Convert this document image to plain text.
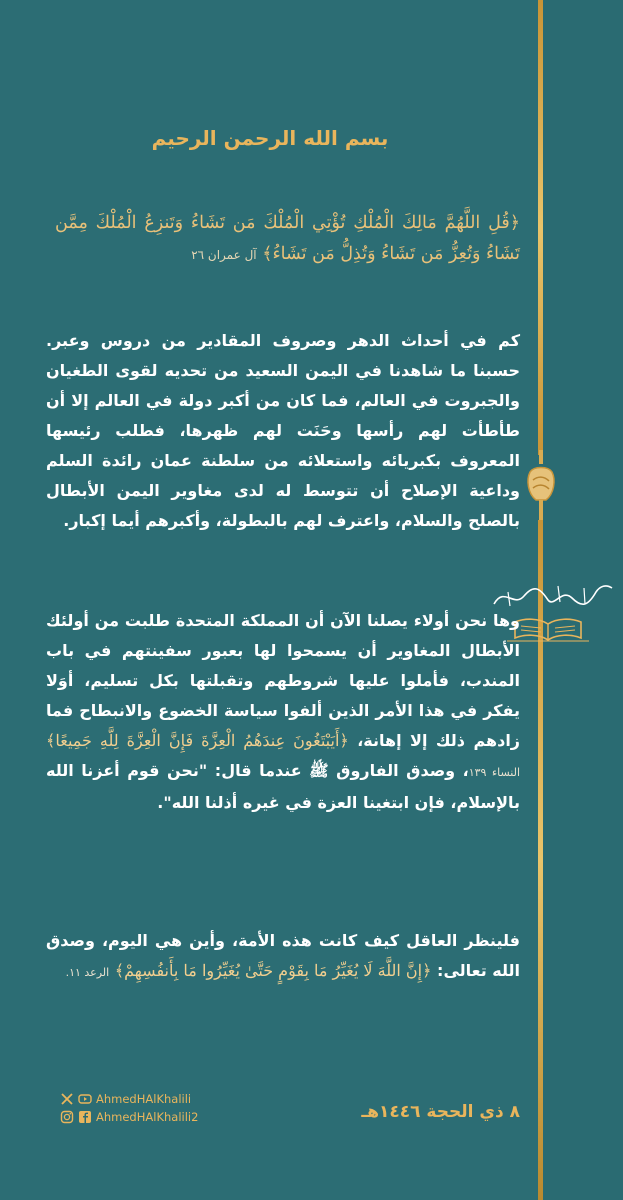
بسم الله الرحمن الرحيم
﴿قُلِ اللَّهُمَّ مَالِكَ الْمُلْكِ تُؤْتِي الْمُلْكَ مَن تَشَاءُ وَتَنزِعُ الْمُلْكَ مِمَّن تَشَاءُ وَتُعِزُّ مَن تَشَاءُ وَتُذِلُّ مَن تَشَاءُ﴾ آل عمران ٢٦
كم في أحداث الدهر وصروف المقادير من دروس وعبر. حسبنا ما شاهدنا في اليمن السعيد من تحديه لقوى الطغيان والجبروت في العالم، فما كان من أكبر دولة في العالم إلا أن طأطأت لهم رأسها وحَنَت لهم ظهرها، فطلب رئيسها المعروف بكبريائه واستعلائه من سلطنة عمان رائدة السلم وداعية الإصلاح أن تتوسط له لدى مغاوير اليمن الأبطال بالصلح والسلام، واعترف لهم بالبطولة، وأكبرهم أيما إكبار.
وها نحن أولاء يصلنا الآن أن المملكة المتحدة طلبت من أولئك الأبطال المغاوير أن يسمحوا لها بعبور سفينتهم في باب المندب، فأملوا عليها شروطهم وتقبلتها بكل تسليم، أوَلا يفكر في هذا الأمر الذين ألفوا سياسة الخضوع والانبطاح فما زادهم ذلك إلا إهانة، ﴿أَيَبْتَغُونَ عِندَهُمُ الْعِزَّةَ فَإِنَّ الْعِزَّةَ لِلَّهِ جَمِيعًا﴾ النساء ١٣٩، وصدق الفاروق ﷺ عندما قال: "نحن قوم أعزنا الله بالإسلام، فإن ابتغينا العزة في غيره أذلنا الله".
فلينظر العاقل كيف كانت هذه الأمة، وأين هي اليوم، وصدق الله تعالى: ﴿إِنَّ اللَّهَ لَا يُغَيِّرُ مَا بِقَوْمٍ حَتَّىٰ يُغَيِّرُوا مَا بِأَنفُسِهِمْ﴾ الرعد ١١.
٨ ذي الحجة ١٤٤٦هـ
AhmedHAlKhalili
AhmedHAlKhalili2
